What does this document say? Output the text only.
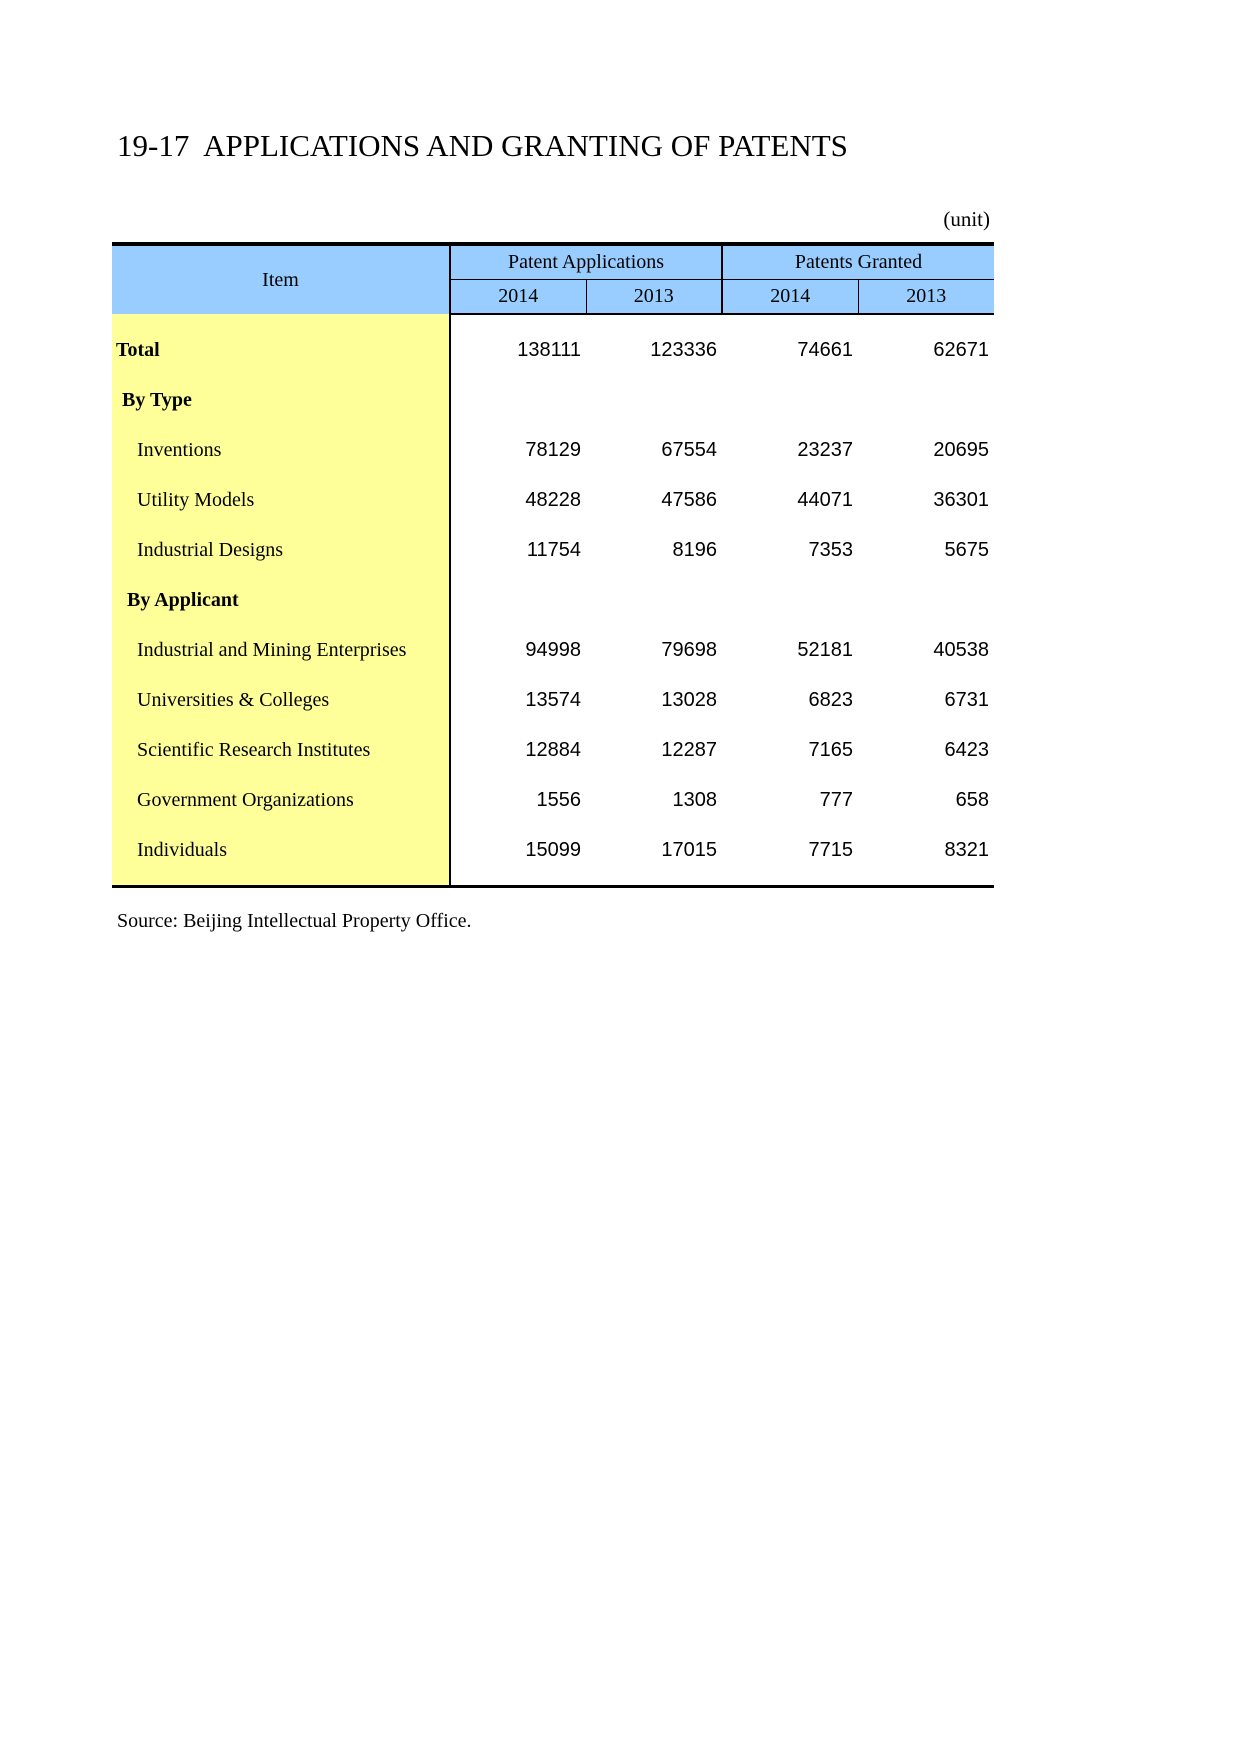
19-17  APPLICATIONS AND GRANTING OF PATENTS
(unit)
Item	Patent Applications		Patents Granted	
	2014	2013	2014	2013

Total	138111	123336	74661	62671
By Type				
Inventions	78129	67554	23237	20695
Utility Models	48228	47586	44071	36301
Industrial Designs	11754	8196	7353	5675
By Applicant				
Industrial and Mining Enterprises	94998	79698	52181	40538
Universities & Colleges	13574	13028	6823	6731
Scientific Research Institutes	12884	12287	7165	6423
Government Organizations	1556	1308	777	658
Individuals	15099	17015	7715	8321

Source: Beijing Intellectual Property Office.
